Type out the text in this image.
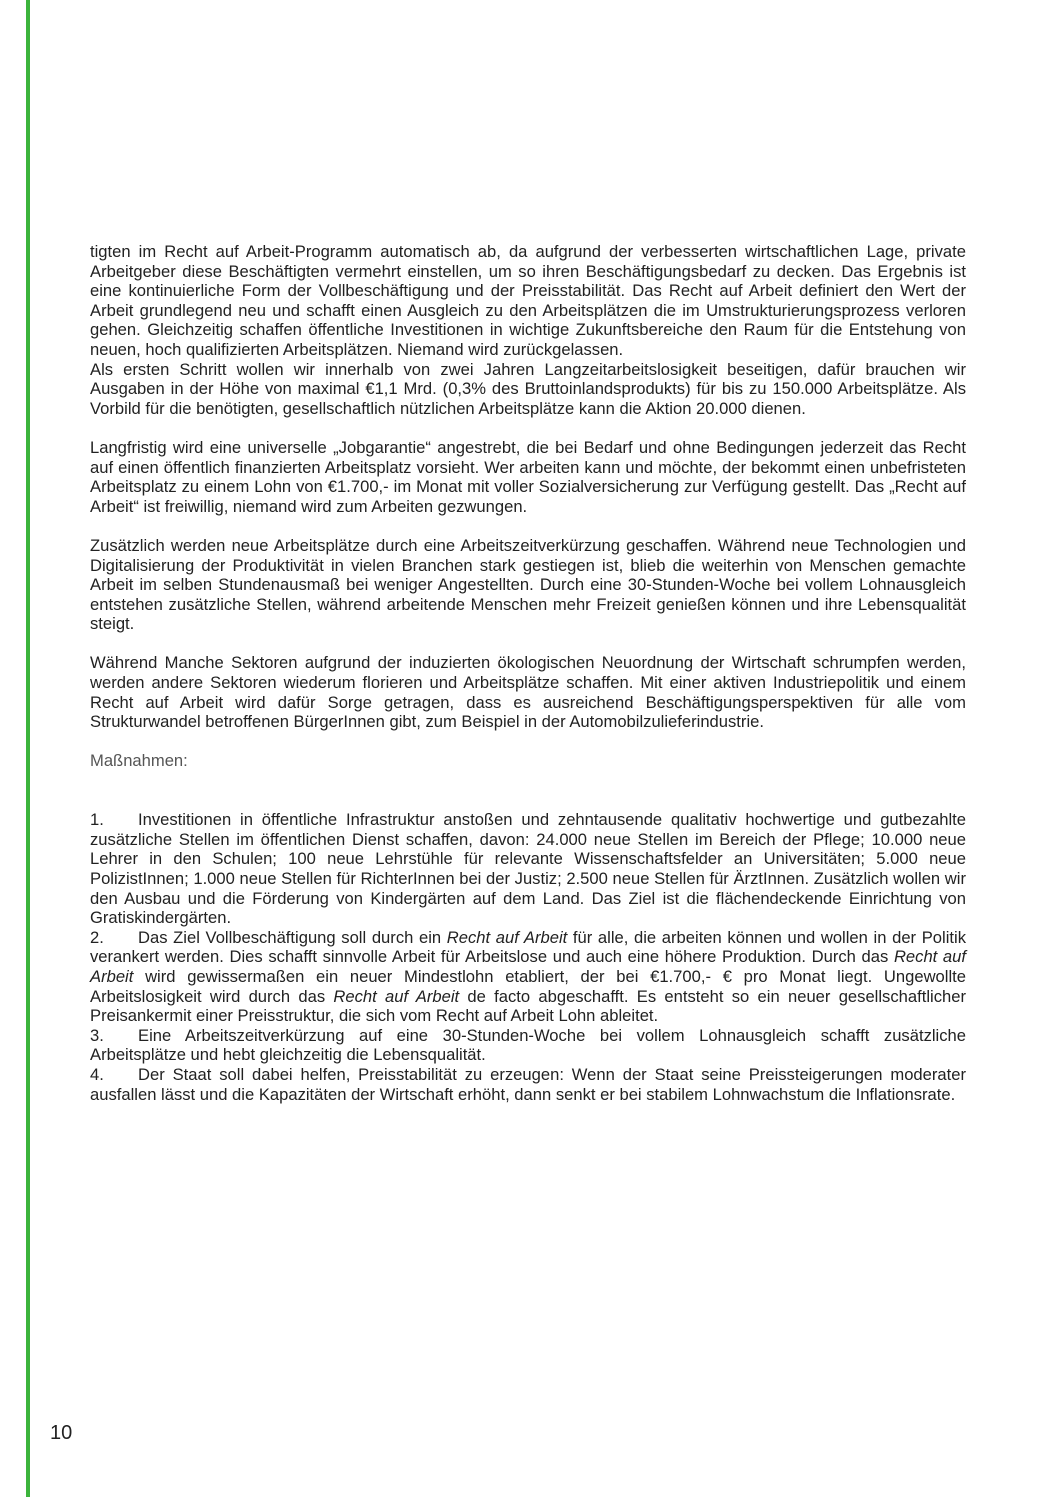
tigten im Recht auf Arbeit-Programm automatisch ab, da aufgrund der verbesserten wirtschaftlichen Lage, private Arbeitgeber diese Beschäftigten vermehrt einstellen, um so ihren Beschäftigungsbedarf zu decken. Das Ergebnis ist eine kontinuierliche Form der Vollbeschäftigung und der Preisstabilität. Das Recht auf Arbeit definiert den Wert der Arbeit grundlegend neu und schafft einen Ausgleich zu den Arbeitsplätzen die im Umstrukturierungsprozess verloren gehen. Gleichzeitig schaffen öffentliche Investitionen in wichtige Zukunftsbereiche den Raum für die Entstehung von neuen, hoch qualifizierten Arbeitsplätzen. Niemand wird zurückgelassen.

Als ersten Schritt wollen wir innerhalb von zwei Jahren Langzeitarbeitslosigkeit beseitigen, dafür brauchen wir Ausgaben in der Höhe von maximal €1,1 Mrd. (0,3% des Bruttoinlandsprodukts) für bis zu 150.000 Arbeitsplätze. Als Vorbild für die benötigten, gesellschaftlich nützlichen Arbeitsplätze kann die Aktion 20.000 dienen.

Langfristig wird eine universelle „Jobgarantie“ angestrebt, die bei Bedarf und ohne Bedingungen jederzeit das Recht auf einen öffentlich finanzierten Arbeitsplatz vorsieht. Wer arbeiten kann und möchte, der bekommt einen unbefristeten Arbeitsplatz zu einem Lohn von €1.700,- im Monat mit voller Sozialversicherung zur Verfügung gestellt. Das „Recht auf Arbeit“ ist freiwillig, niemand wird zum Arbeiten gezwungen.

Zusätzlich werden neue Arbeitsplätze durch eine Arbeitszeitverkürzung geschaffen. Während neue Technologien und Digitalisierung der Produktivität in vielen Branchen stark gestiegen ist, blieb die weiterhin von Menschen gemachte Arbeit im selben Stundenausmaß bei weniger Angestellten. Durch eine 30-Stunden-Woche bei vollem Lohnausgleich entstehen zusätzliche Stellen, während arbeitende Menschen mehr Freizeit genießen können und ihre Lebensqualität steigt.

Während Manche Sektoren aufgrund der induzierten ökologischen Neuordnung der Wirtschaft schrumpfen werden, werden andere Sektoren wiederum florieren und Arbeitsplätze schaffen. Mit einer aktiven Industriepolitik und einem Recht auf Arbeit wird dafür Sorge getragen, dass es ausreichend Beschäftigungsperspektiven für alle vom Strukturwandel betroffenen BürgerInnen gibt, zum Beispiel in der Automobilzulieferindustrie.

Maßnahmen:

1. Investitionen in öffentliche Infrastruktur anstoßen und zehntausende qualitativ hochwertige und gutbezahlte zusätzliche Stellen im öffentlichen Dienst schaffen, davon: 24.000 neue Stellen im Bereich der Pflege; 10.000 neue Lehrer in den Schulen; 100 neue Lehrstühle für relevante Wissenschaftsfelder an Universitäten; 5.000 neue PolizistInnen; 1.000 neue Stellen für RichterInnen bei der Justiz; 2.500 neue Stellen für ÄrztInnen. Zusätzlich wollen wir den Ausbau und die Förderung von Kindergärten auf dem Land. Das Ziel ist die flächendeckende Einrichtung von Gratiskindergärten.

2. Das Ziel Vollbeschäftigung soll durch ein Recht auf Arbeit für alle, die arbeiten können und wollen in der Politik verankert werden. Dies schafft sinnvolle Arbeit für Arbeitslose und auch eine höhere Produktion. Durch das Recht auf Arbeit wird gewissermaßen ein neuer Mindestlohn etabliert, der bei €1.700,- € pro Monat liegt. Ungewollte Arbeitslosigkeit wird durch das Recht auf Arbeit de facto abgeschafft. Es entsteht so ein neuer gesellschaftlicher Preisankermit einer Preisstruktur, die sich vom Recht auf Arbeit Lohn ableitet.

3. Eine Arbeitszeitverkürzung auf eine 30-Stunden-Woche bei vollem Lohnausgleich schafft zusätzliche Arbeitsplätze und hebt gleichzeitig die Lebensqualität.

4. Der Staat soll dabei helfen, Preisstabilität zu erzeugen: Wenn der Staat seine Preissteigerungen moderater ausfallen lässt und die Kapazitäten der Wirtschaft erhöht, dann senkt er bei stabilem Lohnwachstum die Inflationsrate.

10
